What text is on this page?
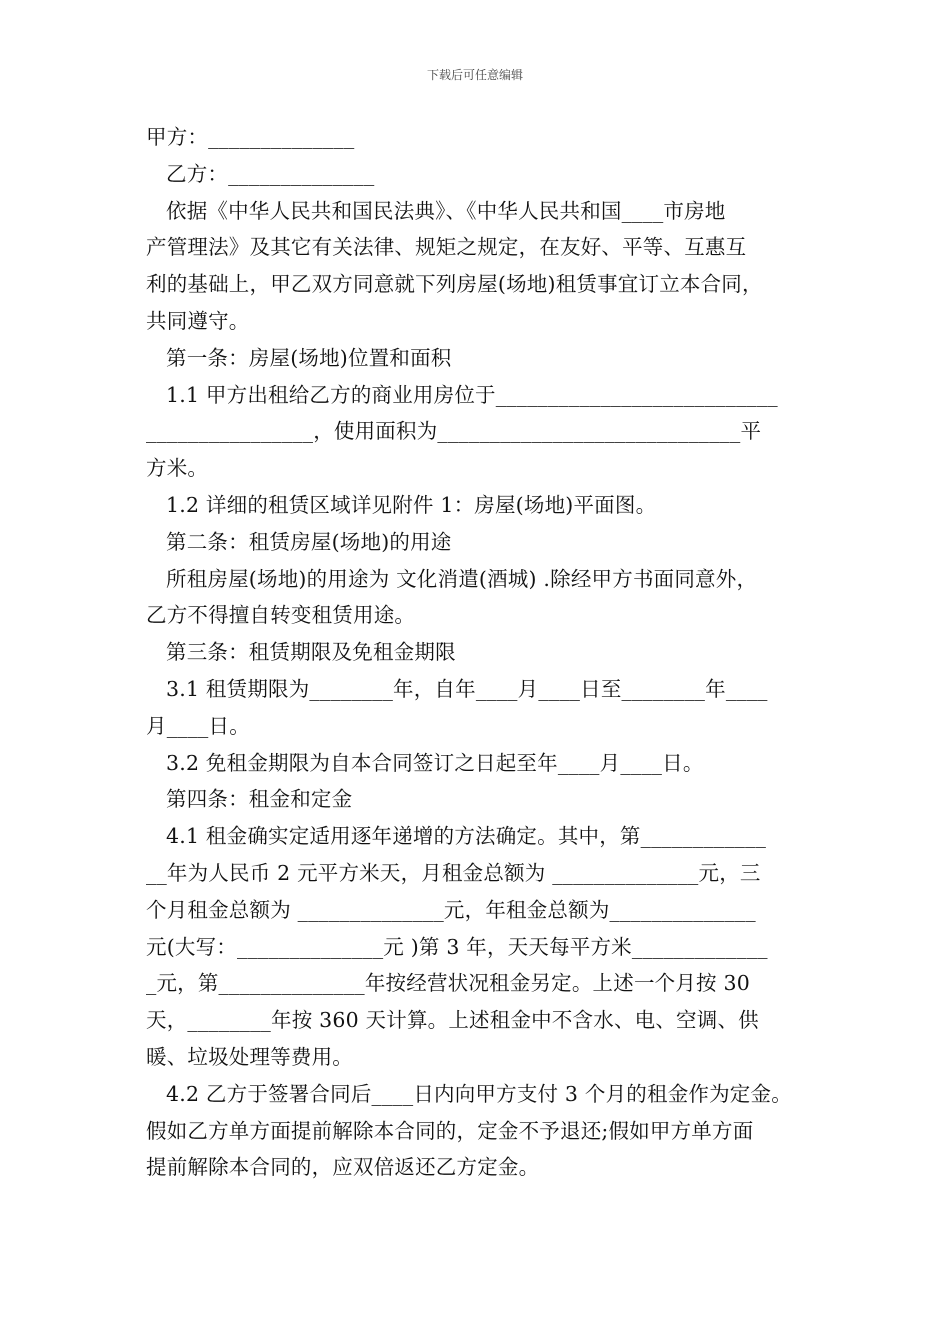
下载后可任意编辑
甲方：______________
乙方：______________
依据《中华人民共和国民法典》、《中华人民共和国____市房地
产管理法》及其它有关法律、规矩之规定，在友好、平等、互惠互
利的基础上，甲乙双方同意就下列房屋(场地)租赁事宜订立本合同，
共同遵守。
第一条：房屋(场地)位置和面积
1.1 甲方出租给乙方的商业用房位于___________________________
________________，使用面积为_____________________________平
方米。
1.2 详细的租赁区域详见附件 1：房屋(场地)平面图。
第二条：租赁房屋(场地)的用途
所租房屋(场地)的用途为 文化消遣(酒城) .除经甲方书面同意外，
乙方不得擅自转变租赁用途。
第三条：租赁期限及免租金期限
3.1 租赁期限为________年，自年____月____日至________年____
月____日。
3.2 免租金期限为自本合同签订之日起至年____月____日。
第四条：租金和定金
4.1 租金确实定适用逐年递增的方法确定。其中，第____________
__年为人民币 2 元平方米天，月租金总额为 ______________元，三
个月租金总额为 ______________元，年租金总额为______________
元(大写：______________元 )第 3 年，天天每平方米_____________
_元，第______________年按经营状况租金另定。上述一个月按 30
天，________年按 360 天计算。上述租金中不含水、电、空调、供
暖、垃圾处理等费用。
4.2 乙方于签署合同后____日内向甲方支付 3 个月的租金作为定金。
假如乙方单方面提前解除本合同的，定金不予退还;假如甲方单方面
提前解除本合同的，应双倍返还乙方定金。
